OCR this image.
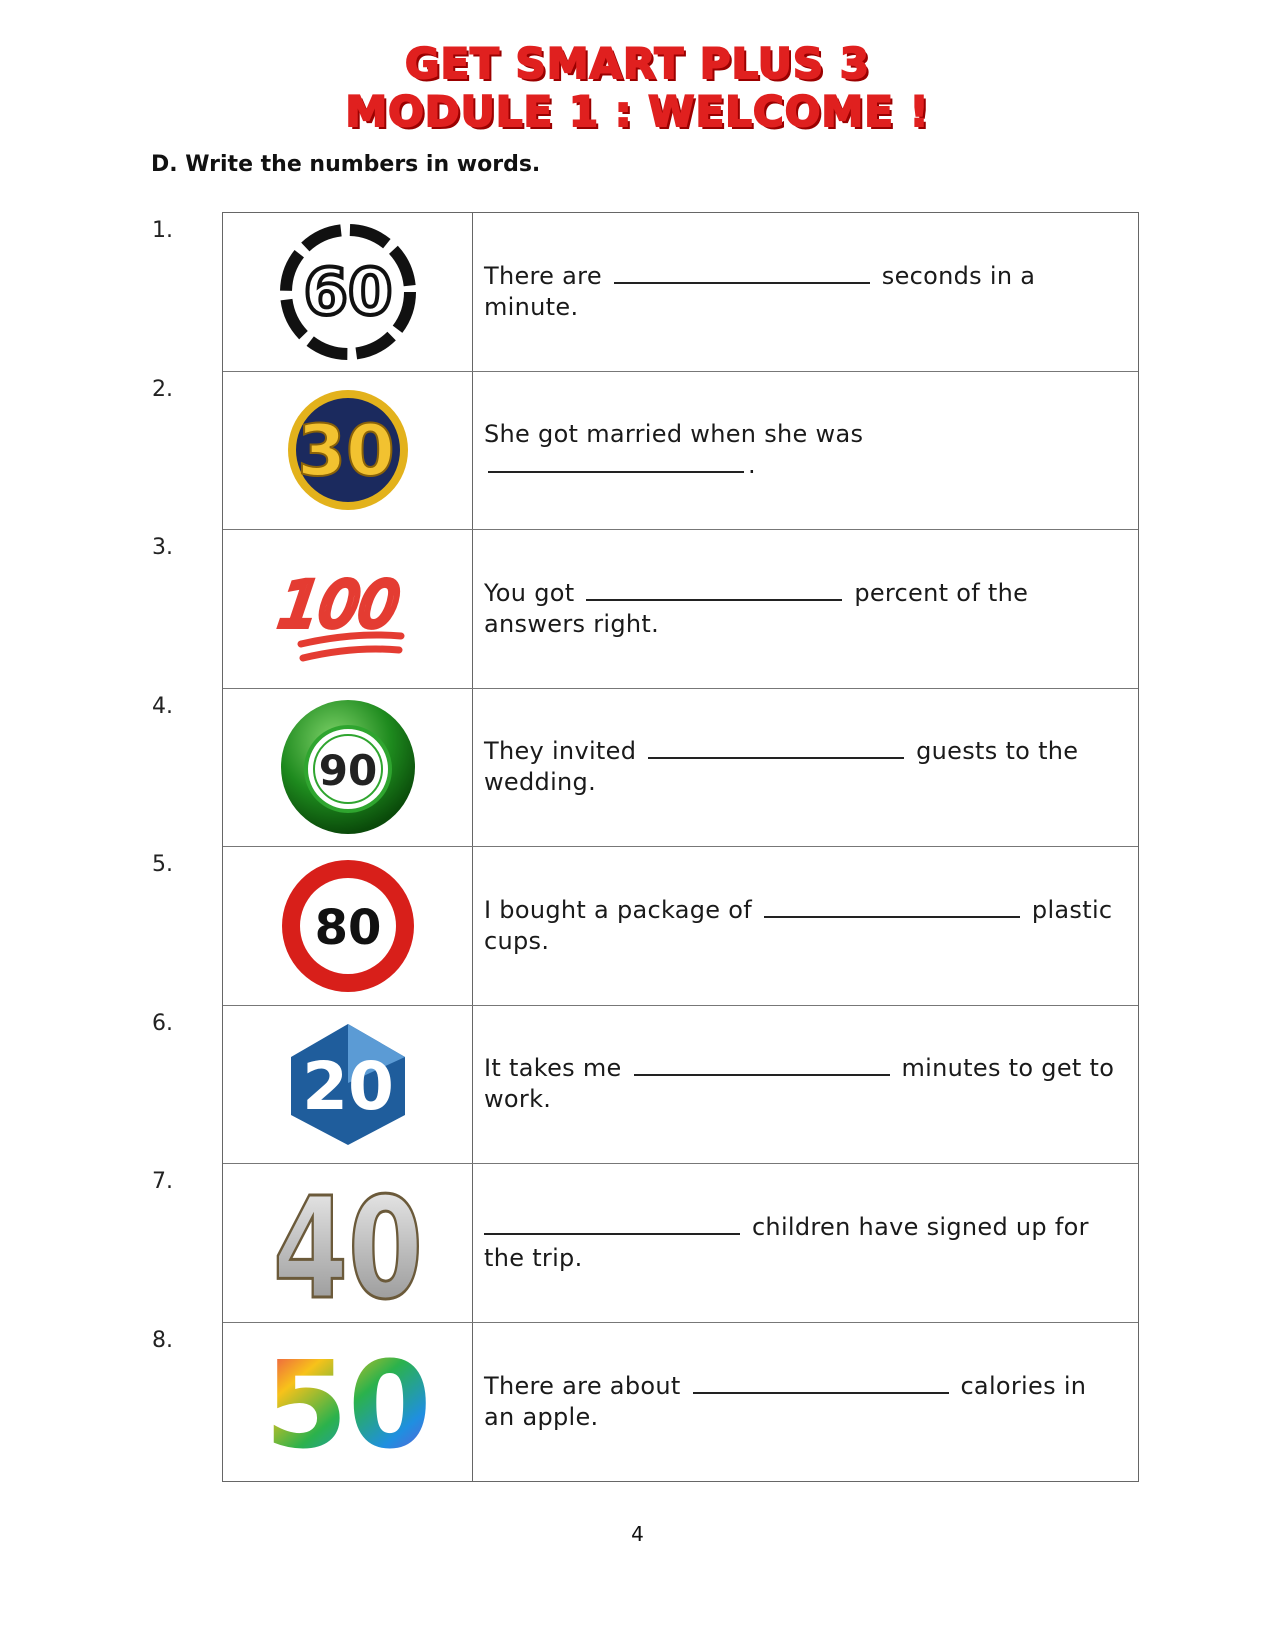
GET SMART PLUS 3
MODULE 1 : WELCOME !
D. Write the numbers in words.
1.
60	There are	seconds in a minute.

2.
30	She got married when she was .

3.
100	You got	percent of the answers right.

4.
90	They invited	guests to the wedding.

5.
80	I bought a package of	plastic cups.

6.
20	It takes me	minutes to get to work.

7. 40	children have signed up for the trip.

8. 50 There are about	calories in an apple.

4
